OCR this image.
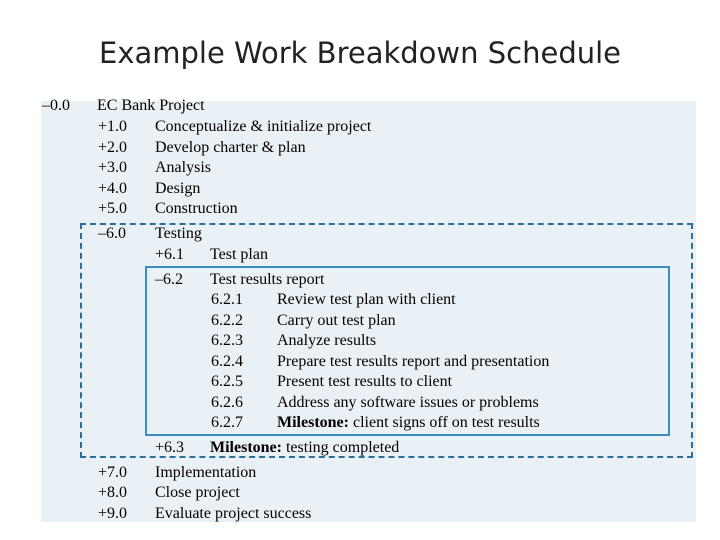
Example Work Breakdown Schedule
–0.0 EC Bank Project
+1.0 Conceptualize & initialize project
+2.0 Develop charter & plan
+3.0 Analysis
+4.0 Design
+5.0 Construction
–6.0 Testing
+6.1 Test plan
–6.2 Test results report
6.2.1 Review test plan with client
6.2.2 Carry out test plan
6.2.3 Analyze results
6.2.4 Prepare test results report and presentation
6.2.5 Present test results to client
6.2.6 Address any software issues or problems
6.2.7 Milestone: client signs off on test results
+6.3 Milestone: testing completed
+7.0 Implementation
+8.0 Close project
+9.0 Evaluate project success
